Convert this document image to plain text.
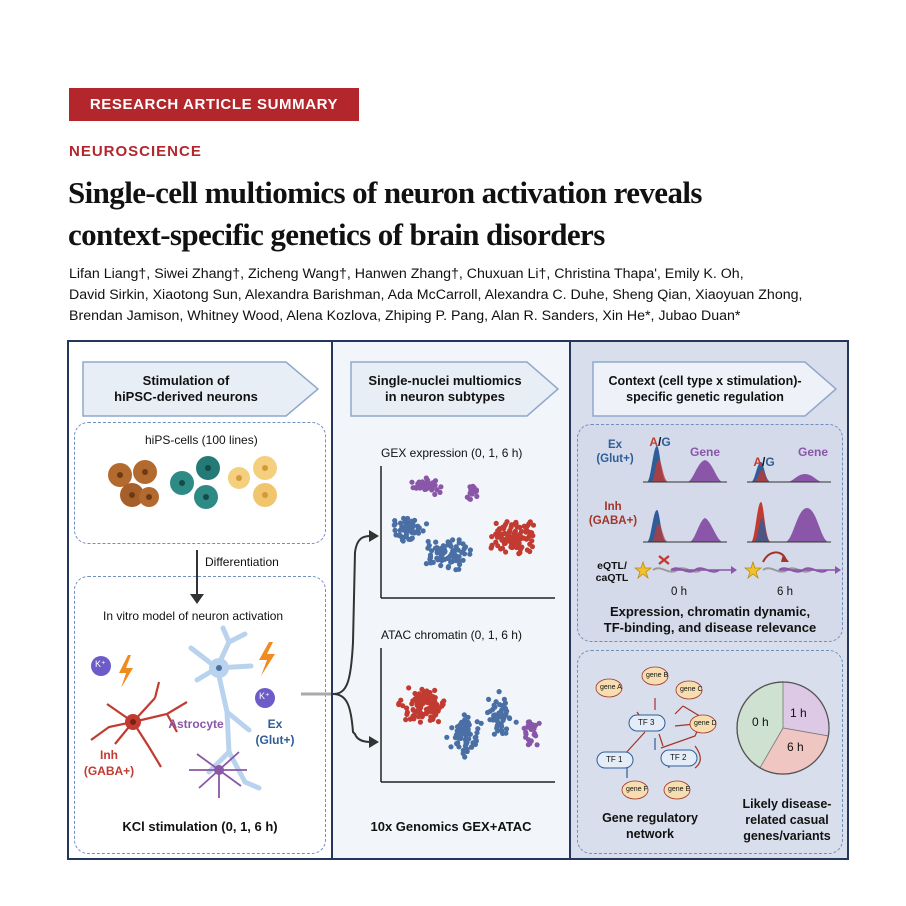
RESEARCH ARTICLE SUMMARY
NEUROSCIENCE
Single-cell multiomics of neuron activation reveals
context-specific genetics of brain disorders
Lifan Liang†, Siwei Zhang†, Zicheng Wang†, Hanwen Zhang†, Chuxuan Li†, Christina Thapa', Emily K. Oh,
David Sirkin, Xiaotong Sun, Alexandra Barishman, Ada McCarroll, Alexandra C. Duhe, Sheng Qian, Xiaoyuan Zhong,
Brendan Jamison, Whitney Wood, Alena Kozlova, Zhiping P. Pang, Alan R. Sanders, Xin He*, Jubao Duan*
Stimulation of
hiPSC-derived neurons
hiPS-cells (100 lines)
Differentiation
In vitro model of neuron activation
K⁺
K⁺
Astrocyte
Inh
(GABA+)
Ex
(Glut+)
KCl stimulation (0, 1, 6 h)
Single-nuclei multiomics
in neuron subtypes
GEX expression (0, 1, 6 h)
ATAC chromatin (0, 1, 6 h)
10x Genomics GEX+ATAC
Context (cell type x stimulation)-
specific genetic regulation
Ex
(Glut+)
Inh
(GABA+)
A/G
A/G
Gene	Gene
eQTL/
caQTL
0 h	6 h
Expression, chromatin dynamic,
TF-binding, and disease relevance
gene A
gene B
gene C
gene D
gene E
gene F
TF 3
TF 1	TF 2
Gene regulatory
network
0 h
1 h
6 h
Likely disease-
related casual
genes/variants
